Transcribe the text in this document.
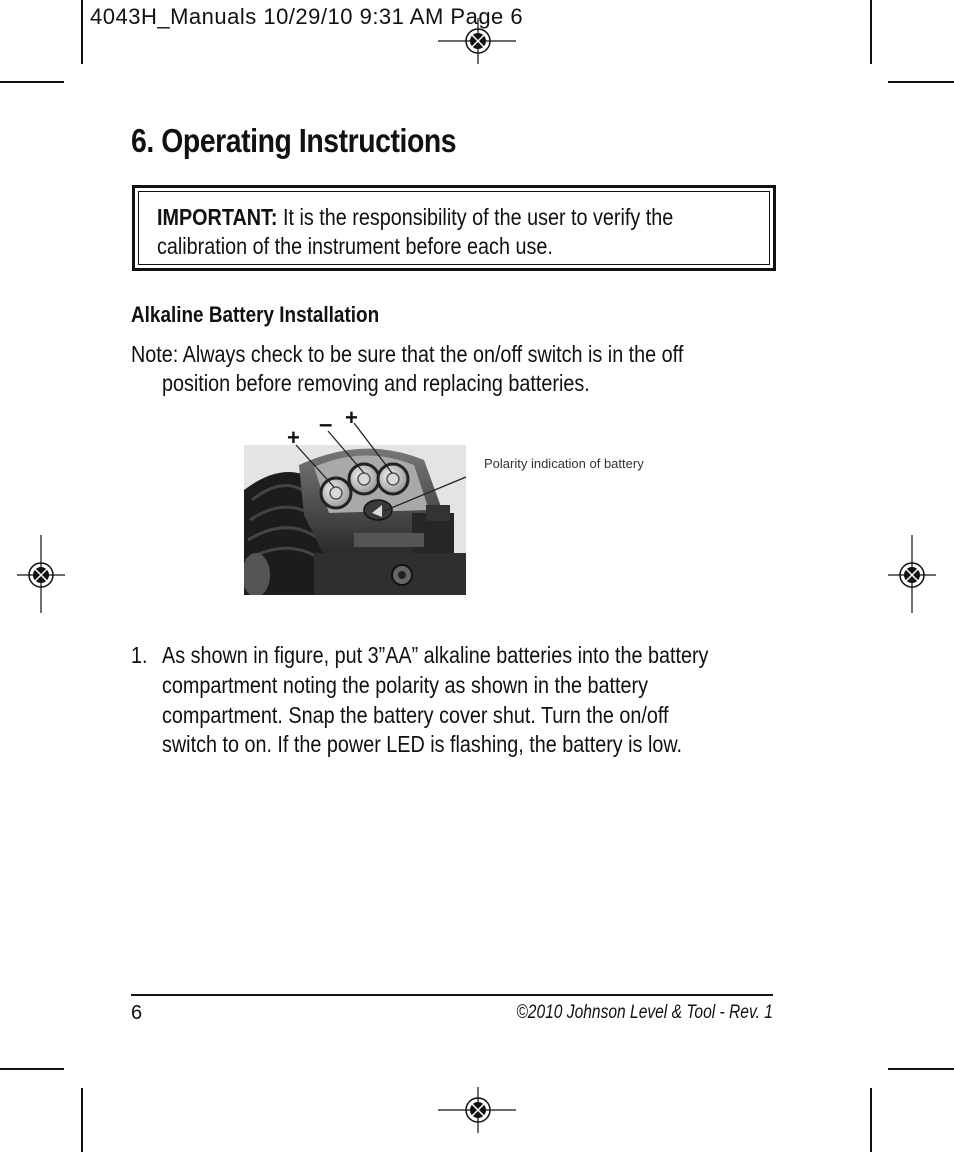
4043H_Manuals 10/29/10 9:31 AM Page 6
6. Operating Instructions
IMPORTANT: It is the responsibility of the user to verify the
calibration of the instrument before each use.
Alkaline Battery Installation
Note: Always check to be sure that the on/off switch is in the off
position before removing and replacing batteries.
+ – +
Polarity indication of battery
1. As shown in figure, put 3”AA” alkaline batteries into the battery
compartment noting the polarity as shown in the battery
compartment. Snap the battery cover shut. Turn the on/off
switch to on. If the power LED is flashing, the battery is low.
6	©2010 Johnson Level & Tool - Rev. 1
